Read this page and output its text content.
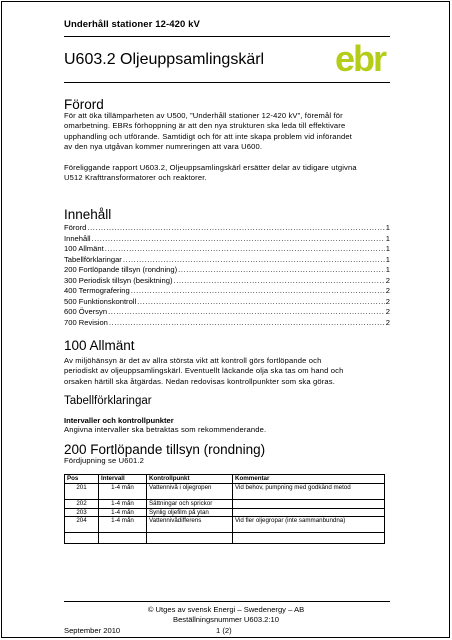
Underhåll stationer 12-420 kV
U603.2 Oljeuppsamlingskärl ebr
Förord
För att öka tillämparheten av U500, ”Underhåll stationer 12-420 kV”, föremål för
omarbetning. EBRs förhoppning är att den nya strukturen ska leda till effektivare
upphandling och utförande. Samtidigt och för att inte skapa problem vid införandet
av den nya utgåvan kommer numreringen att vara U600.
Föreliggande rapport U603.2, Oljeuppsamlingskärl ersätter delar av tidigare utgivna
U512 Krafttransformatorer och reaktorer.
Innehåll
Förord .....	1
Innehåll .....	1
100 Allmänt .....	1
Tabellförklaringar .....	1
200 Fortlöpande tillsyn (rondning) .....	1
300 Periodisk tillsyn (besiktning) .....	2
400 Termografering .....	2
500 Funktionskontroll .....	2
600 Översyn .....	2
700 Revision .....	2
100 Allmänt
Av miljöhänsyn är det av allra största vikt att kontroll görs fortlöpande och
periodiskt av oljeuppsamlingskärl. Eventuellt läckande olja ska tas om hand och
orsaken härtill ska åtgärdas. Nedan redovisas kontrollpunkter som ska göras.
Tabellförklaringar
Intervaller och kontrollpunkter
Angivna intervaller ska betraktas som rekommenderande.
200 Fortlöpande tillsyn (rondning)
Fördjupning se U601.2
Pos	Intervall	Kontrollpunkt	Kommentar
201	1-4 mån	Vattennivå i oljegropen	Vid behov, pumpning med godkänd metod
202	1-4 mån	Sättningar och sprickor	
203	1-4 mån	Synlig oljefilm på ytan	
204	1-4 mån	Vattennivådifferens	Vid fler oljegropar (inte sammanbundna)

© Utges av svensk Energi – Swedenergy – AB
Beställningsnummer U603.2:10
September 2010	1 (2)
